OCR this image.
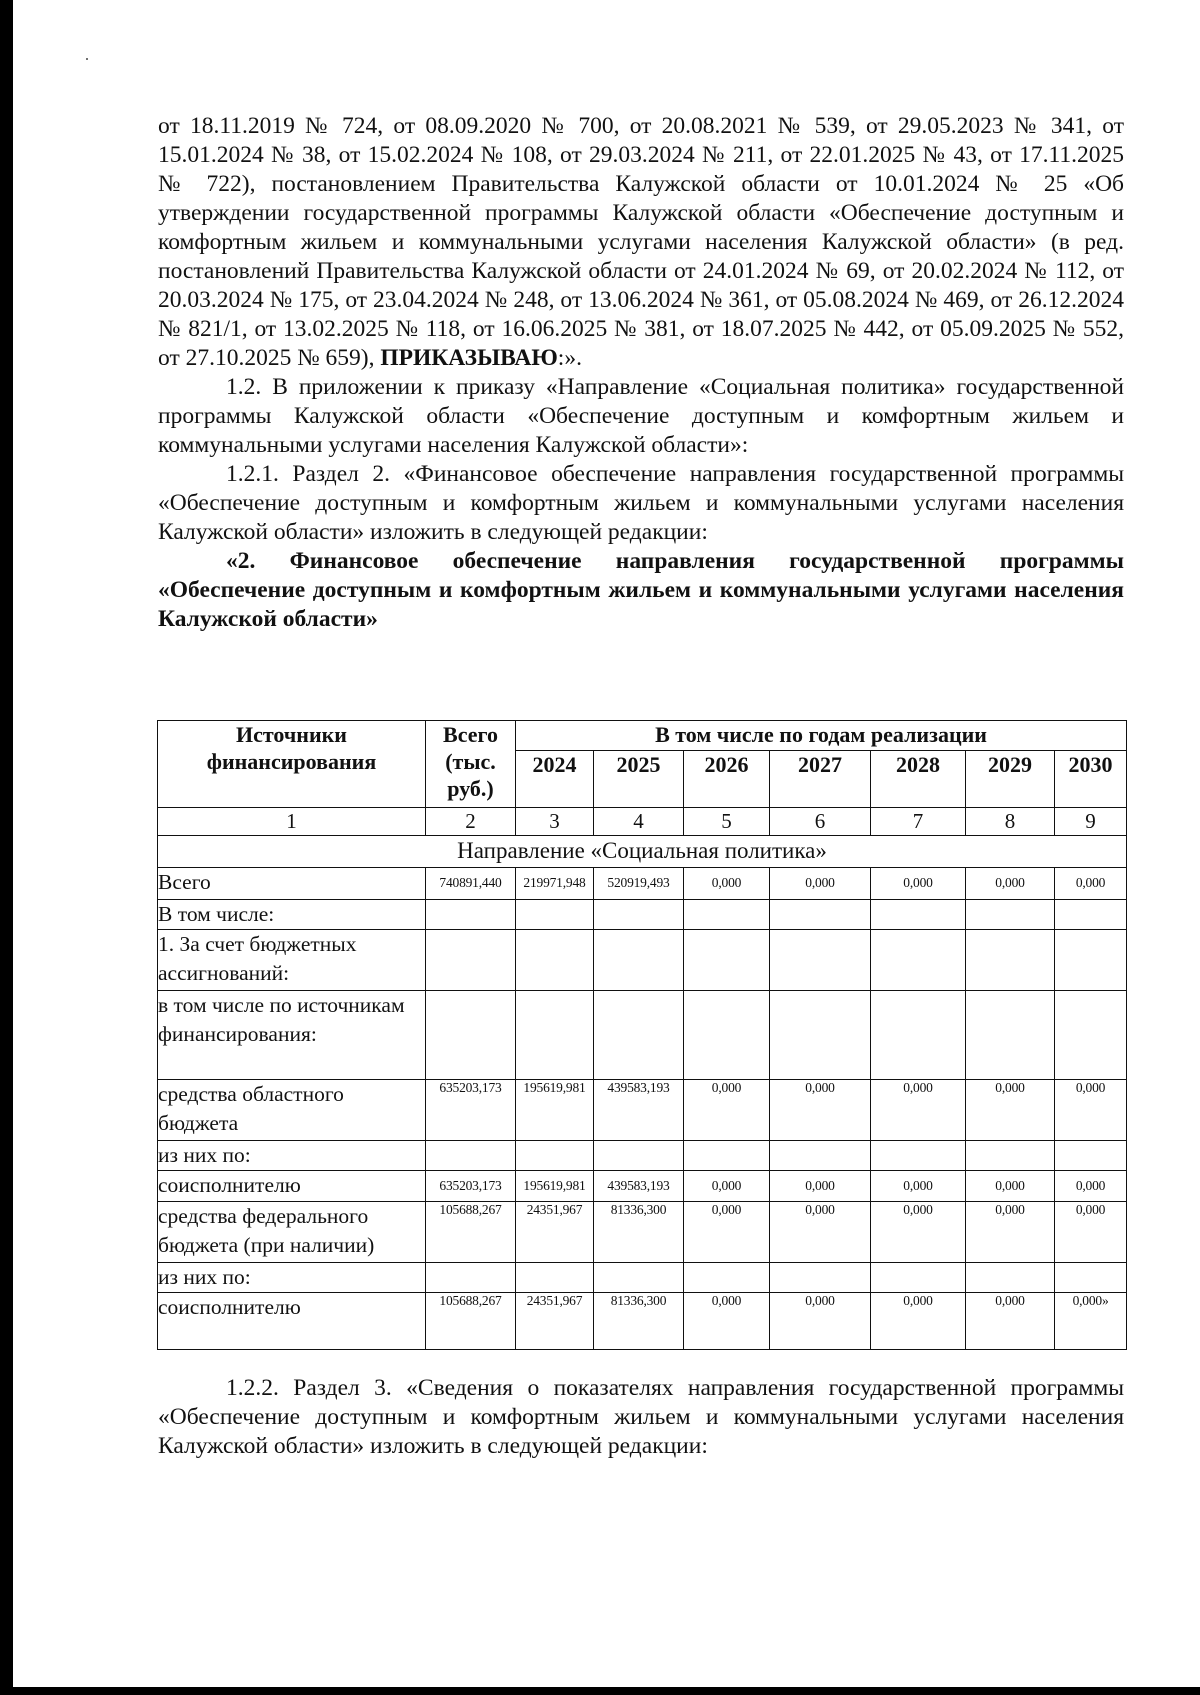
от 18.11.2019 № 724, от 08.09.2020 № 700, от 20.08.2021 № 539, от 29.05.2023 № 341, от 15.01.2024 № 38, от 15.02.2024 № 108, от 29.03.2024 № 211, от 22.01.2025 № 43, от 17.11.2025 № 722), постановлением Правительства Калужской области от 10.01.2024 № 25 «Об утверждении государственной программы Калужской области «Обеспечение доступным и комфортным жильем и коммунальными услугами населения Калужской области» (в ред. постановлений Правительства Калужской области от 24.01.2024 № 69, от 20.02.2024 № 112, от 20.03.2024 № 175, от 23.04.2024 № 248, от 13.06.2024 № 361, от 05.08.2024 № 469, от 26.12.2024 № 821/1, от 13.02.2025 № 118, от 16.06.2025 № 381, от 18.07.2025 № 442, от 05.09.2025 № 552, от 27.10.2025 № 659), ПРИКАЗЫВАЮ:».

1.2. В приложении к приказу «Направление «Социальная политика» государственной программы Калужской области «Обеспечение доступным и комфортным жильем и коммунальными услугами населения Калужской области»:

1.2.1. Раздел 2. «Финансовое обеспечение направления государственной программы «Обеспечение доступным и комфортным жильем и коммунальными услугами населения Калужской области» изложить в следующей редакции:

«2. Финансовое обеспечение направления государственной программы «Обеспечение доступным и комфортным жильем и коммунальными услугами населения Калужской области»

Источники финансирования	Всего (тыс. руб.)	В том числе по годам реализации						
		2024	2025	2026	2027	2028	2029	2030
1	2	3	4	5	6	7	8	9
Направление «Социальная политика»								
Всего	740891,440	219971,948	520919,493	0,000	0,000	0,000	0,000	0,000
В том числе:								
1. За счет бюджетных ассигнований:								
в том числе по источникам финансирования:								
средства областного бюджета	635203,173	195619,981	439583,193	0,000	0,000	0,000	0,000	0,000
из них по:								
соисполнителю	635203,173	195619,981	439583,193	0,000	0,000	0,000	0,000	0,000
средства федерального бюджета (при наличии)	105688,267	24351,967	81336,300	0,000	0,000	0,000	0,000	0,000
из них по:								
соисполнителю	105688,267	24351,967	81336,300	0,000	0,000	0,000	0,000	0,000»

1.2.2. Раздел 3. «Сведения о показателях направления государственной программы «Обеспечение доступным и комфортным жильем и коммунальными услугами населения Калужской области» изложить в следующей редакции:
